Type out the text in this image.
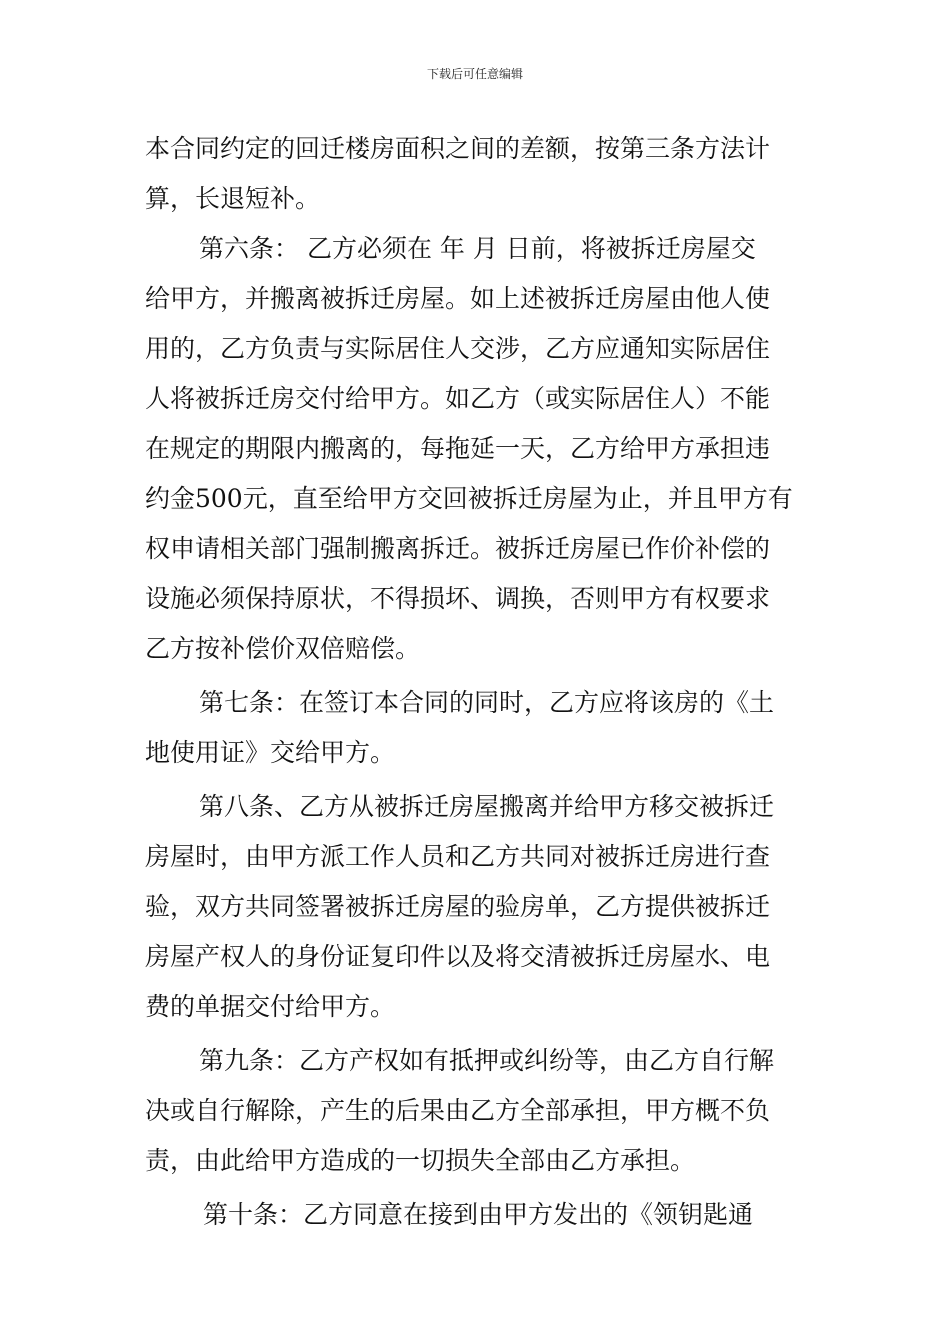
下载后可任意编辑
本合同约定的回迁楼房面积之间的差额，按第三条方法计
算，长退短补。
第六条： 乙方必须在 年 月 日前，将被拆迁房屋交
给甲方，并搬离被拆迁房屋。如上述被拆迁房屋由他人使
用的，乙方负责与实际居住人交涉，乙方应通知实际居住
人将被拆迁房交付给甲方。如乙方（或实际居住人）不能
在规定的期限内搬离的，每拖延一天，乙方给甲方承担违
约金500元，直至给甲方交回被拆迁房屋为止，并且甲方有
权申请相关部门强制搬离拆迁。被拆迁房屋已作价补偿的
设施必须保持原状，不得损坏、调换，否则甲方有权要求
乙方按补偿价双倍赔偿。
第七条：在签订本合同的同时，乙方应将该房的《土
地使用证》交给甲方。
第八条、乙方从被拆迁房屋搬离并给甲方移交被拆迁
房屋时，由甲方派工作人员和乙方共同对被拆迁房进行查
验，双方共同签署被拆迁房屋的验房单，乙方提供被拆迁
房屋产权人的身份证复印件以及将交清被拆迁房屋水、电
费的单据交付给甲方。
第九条：乙方产权如有抵押或纠纷等，由乙方自行解
决或自行解除，产生的后果由乙方全部承担，甲方概不负
责，由此给甲方造成的一切损失全部由乙方承担。
第十条：乙方同意在接到由甲方发出的《领钥匙通
